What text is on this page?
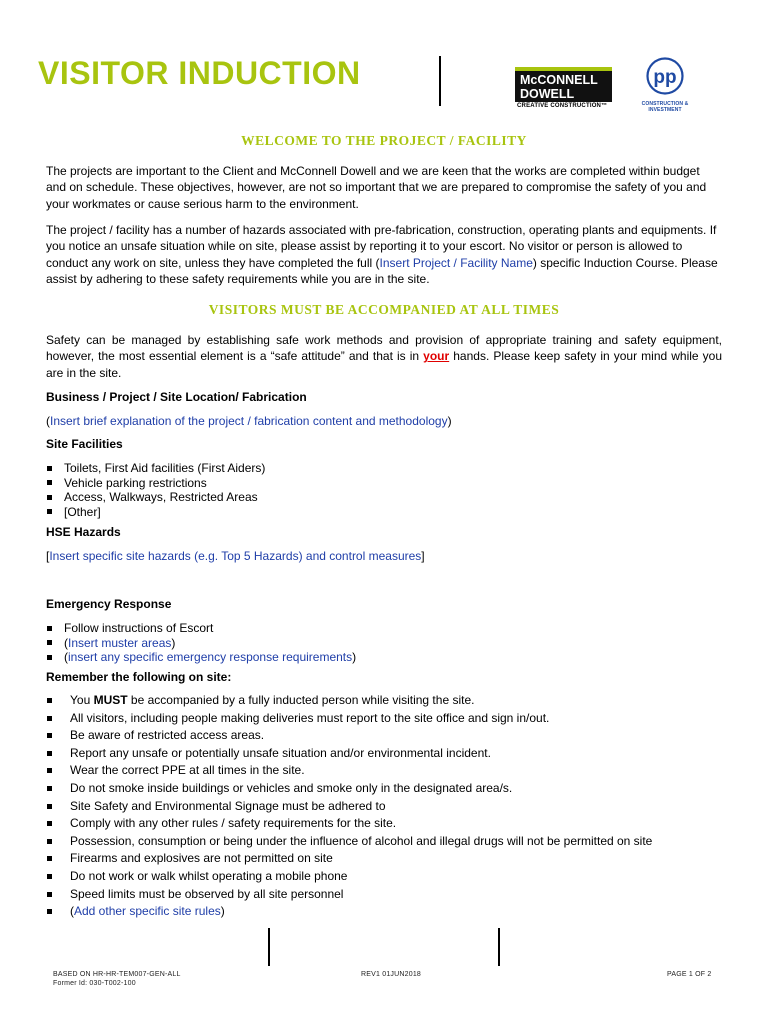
VISITOR INDUCTION	McCONNELL
DOWELL
CREATIVE CONSTRUCTION™
pp
CONSTRUCTION & INVESTMENT
WELCOME TO THE PROJECT / FACILITY

The projects are important to the Client and McConnell Dowell and we are keen that the works are completed within budget and on schedule. These objectives, however, are not so important that we are prepared to compromise the safety of you and your workmates or cause serious harm to the environment.

The project / facility has a number of hazards associated with pre-fabrication, construction, operating plants and equipments. If you notice an unsafe situation while on site, please assist by reporting it to your escort. No visitor or person is allowed to conduct any work on site, unless they have completed the full (Insert Project / Facility Name) specific Induction Course. Please assist by adhering to these safety requirements while you are in the site.

VISITORS MUST BE ACCOMPANIED AT ALL TIMES

Safety can be managed by establishing safe work methods and provision of appropriate training and safety equipment, however, the most essential element is a “safe attitude” and that is in your hands. Please keep safety in your mind while you are in the site.

Business / Project / Site Location/ Fabrication

(Insert brief explanation of the project / fabrication content and methodology)

Site Facilities
Toilets, First Aid facilities (First Aiders)
Vehicle parking restrictions
Access, Walkways, Restricted Areas
[Other]
HSE Hazards

[Insert specific site hazards (e.g. Top 5 Hazards) and control measures]

Emergency Response
Follow instructions of Escort
(Insert muster areas)
(insert any specific emergency response requirements)
Remember the following on site:
You MUST be accompanied by a fully inducted person while visiting the site.
All visitors, including people making deliveries must report to the site office and sign in/out.
Be aware of restricted access areas.
Report any unsafe or potentially unsafe situation and/or environmental incident.
Wear the correct PPE at all times in the site.
Do not smoke inside buildings or vehicles and smoke only in the designated area/s.
Site Safety and Environmental Signage must be adhered to
Comply with any other rules / safety requirements for the site.
Possession, consumption or being under the influence of alcohol and illegal drugs will not be permitted on site
Firearms and explosives are not permitted on site
Do not work or walk whilst operating a mobile phone
Speed limits must be observed by all site personnel
(Add other specific site rules)
BASED ON HR-HR-TEM007-GEN-ALL
Former Id: 030-T002-100
REV1 01JUN2018	PAGE 1 OF 2
